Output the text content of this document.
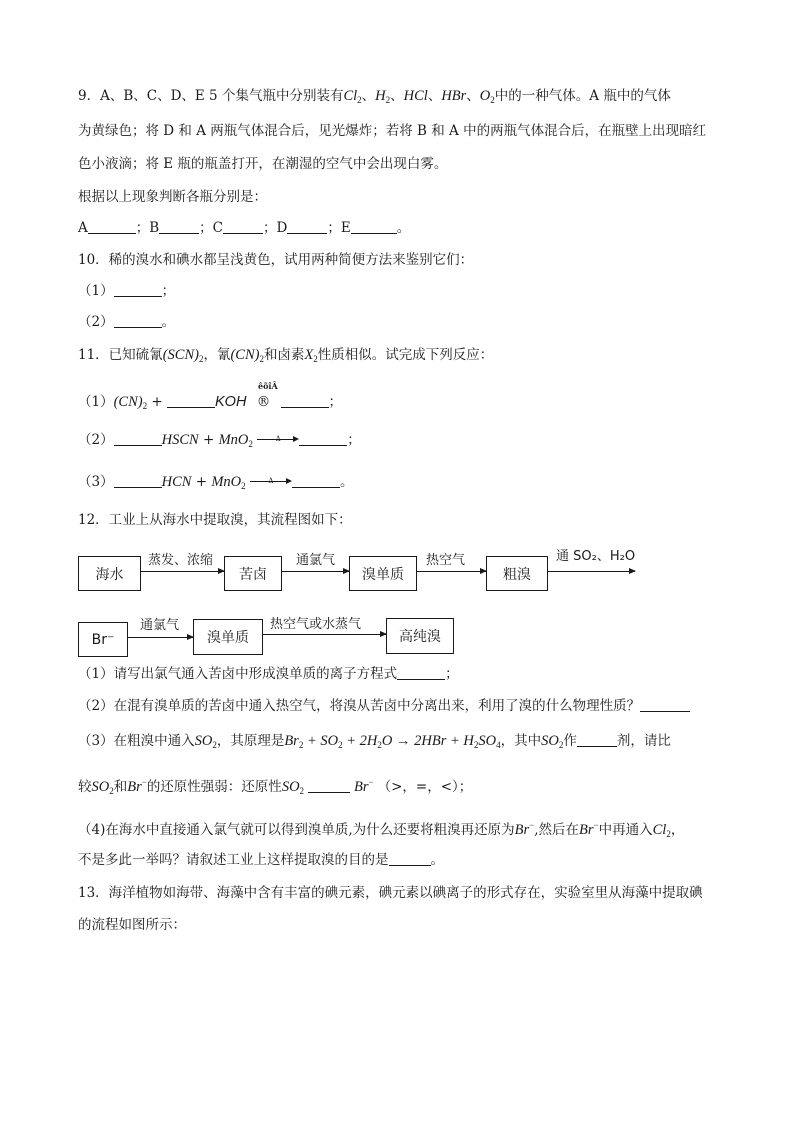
9．A、B、C、D、E 5 个集气瓶中分别装有$Cl_2$、$H_2$、HCl、HBr、$O_2$中的一种气体。A 瓶中的气体
为黄绿色；将 D 和 A 两瓶气体混合后，见光爆炸；若将 B 和 A 中的两瓶气体混合后，在瓶壁上出现暗红
色小液滴；将 E 瓶的瓶盖打开，在潮湿的空气中会出现白雾。
根据以上现象判断各瓶分别是：
A	；B	；C	；D	；E	。
10．稀的溴水和碘水都呈浅黄色，试用两种简便方法来鉴别它们：
（1）	；
（2）	。
11．已知硫氰$(SCN)_2$，氰$(CN)_2$和卤素$X_2$性质相似。试完成下列反应：
êõîÂ
$(1)(CN)_2$ +	KOH ®	；
（2）	HSCN + MnO$_2$	Δ	；
（3）	HCN + MnO$_2$	Δ	。
12．工业上从海水中提取溴，其流程图如下：
海水
蒸发、浓缩
苦卤
通氯气
溴单质
热空气
粗溴
通 SO₂、H₂O
Br⁻
通氯气
溴单质
热空气或水蒸气
高纯溴
（1）请写出氯气通入苦卤中形成溴单质的离子方程式	；
（2）在混有溴单质的苦卤中通入热空气，将溴从苦卤中分离出来，利用了溴的什么物理性质？
（3）在粗溴中通入$SO_2$，其原理是$Br_2 + SO_2 + 2H_2O \to 2HBr + H_2SO_4$，其中$SO_2$作	剂，请比
较$SO_2$和Br−的还原性强弱：还原性$SO_2$	Br− （>，=，<）；
（4)在海水中直接通入氯气就可以得到溴单质,为什么还要将粗溴再还原为Br−,然后在Br−中再通入$Cl_2$，
不是多此一举吗？请叙述工业上这样提取溴的目的是	。
13．海洋植物如海带、海藻中含有丰富的碘元素，碘元素以碘离子的形式存在，实验室里从海藻中提取碘
的流程如图所示：
